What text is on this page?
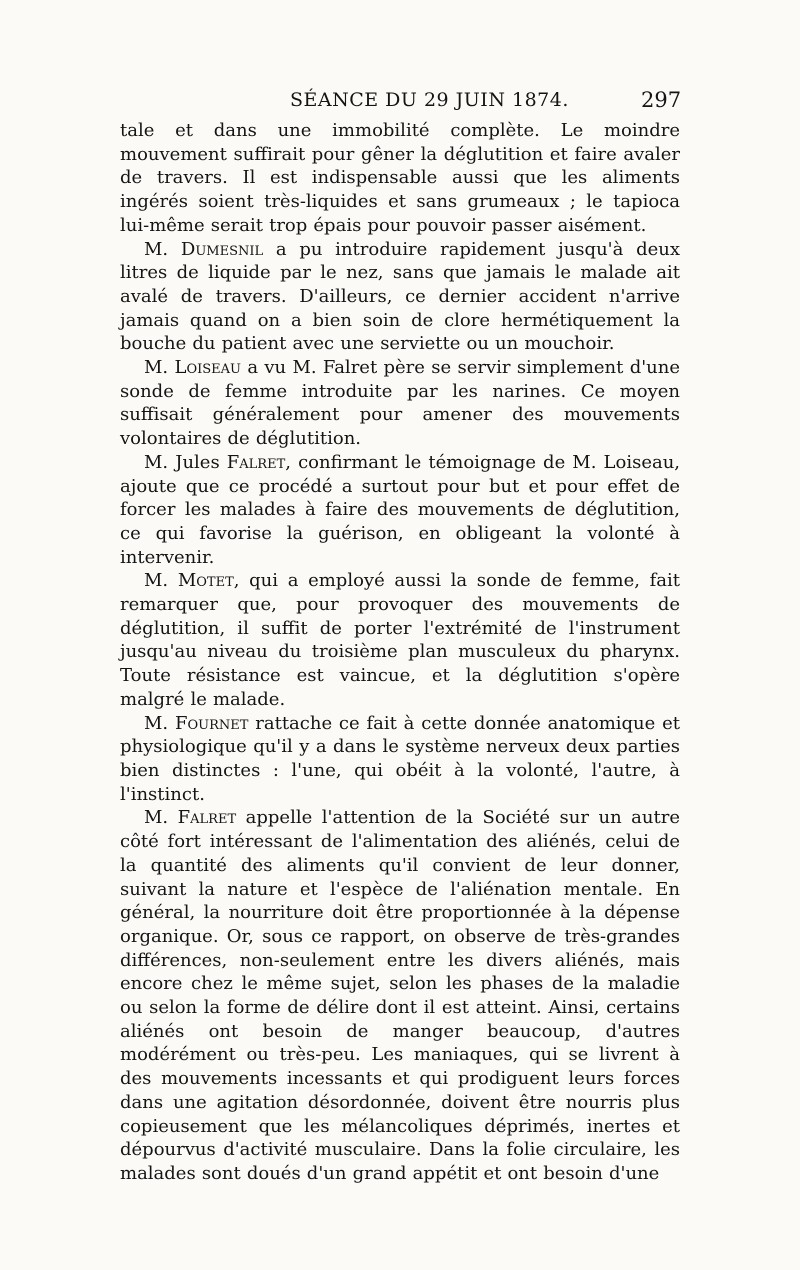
SÉANCE DU 29 JUIN 1874.	297

tale et dans une immobilité complète. Le moindre mouvement suffirait pour gêner la déglutition et faire avaler de travers. Il est indispensable aussi que les aliments ingérés soient très-liquides et sans grumeaux ; le tapioca lui-même serait trop épais pour pouvoir passer aisément.

M. Dumesnil a pu introduire rapidement jusqu'à deux litres de liquide par le nez, sans que jamais le malade ait avalé de travers. D'ailleurs, ce dernier accident n'arrive jamais quand on a bien soin de clore hermétiquement la bouche du patient avec une serviette ou un mouchoir.

M. Loiseau a vu M. Falret père se servir simplement d'une sonde de femme introduite par les narines. Ce moyen suffisait généralement pour amener des mouvements volontaires de déglutition.

M. Jules Falret, confirmant le témoignage de M. Loiseau, ajoute que ce procédé a surtout pour but et pour effet de forcer les malades à faire des mouvements de déglutition, ce qui favorise la guérison, en obligeant la volonté à intervenir.

M. Motet, qui a employé aussi la sonde de femme, fait remarquer que, pour provoquer des mouvements de déglutition, il suffit de porter l'extrémité de l'instrument jusqu'au niveau du troisième plan musculeux du pharynx. Toute résistance est vaincue, et la déglutition s'opère malgré le malade.

M. Fournet rattache ce fait à cette donnée anatomique et physiologique qu'il y a dans le système nerveux deux parties bien distinctes : l'une, qui obéit à la volonté, l'autre, à l'instinct.

M. Falret appelle l'attention de la Société sur un autre côté fort intéressant de l'alimentation des aliénés, celui de la quantité des aliments qu'il convient de leur donner, suivant la nature et l'espèce de l'aliénation mentale. En général, la nourriture doit être proportionnée à la dépense organique. Or, sous ce rapport, on observe de très-grandes différences, non-seulement entre les divers aliénés, mais encore chez le même sujet, selon les phases de la maladie ou selon la forme de délire dont il est atteint. Ainsi, certains aliénés ont besoin de manger beaucoup, d'autres modérément ou très-peu. Les maniaques, qui se livrent à des mouvements incessants et qui prodiguent leurs forces dans une agitation désordonnée, doivent être nourris plus copieusement que les mélancoliques déprimés, inertes et dépourvus d'activité musculaire. Dans la folie circulaire, les malades sont doués d'un grand appétit et ont besoin d'une
